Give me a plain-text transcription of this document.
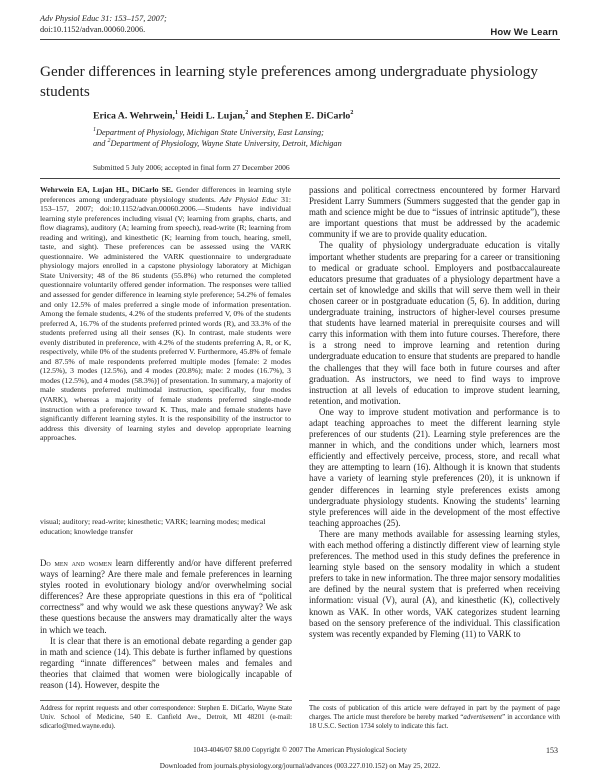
Adv Physiol Educ 31: 153–157, 2007;
doi:10.1152/advan.00060.2006.	How We Learn
Gender differences in learning style preferences among undergraduate physiology students
Erica A. Wehrwein,$^1$ Heidi L. Lujan,$^2$ and Stephen E. DiCarlo$^2$
$^1$Department of Physiology, Michigan State University, East Lansing;
and $^2$Department of Physiology, Wayne State University, Detroit, Michigan
Submitted 5 July 2006; accepted in final form 27 December 2006
Wehrwein EA, Lujan HL, DiCarlo SE. Gender differences in learning style preferences among undergraduate physiology students. Adv Physiol Educ 31: 153–157, 2007; doi:10.1152/advan.00060.2006.—Students have individual learning style preferences including visual (V; learning from graphs, charts, and flow diagrams), auditory (A; learning from speech), read-write (R; learning from reading and writing), and kinesthetic (K; learning from touch, hearing, smell, taste, and sight). These preferences can be assessed using the VARK questionnaire. We administered the VARK questionnaire to undergraduate physiology majors enrolled in a capstone physiology laboratory at Michigan State University; 48 of the 86 students (55.8%) who returned the completed questionnaire voluntarily offered gender information. The responses were tallied and assessed for gender difference in learning style preference; 54.2% of females and only 12.5% of males preferred a single mode of information presentation. Among the female students, 4.2% of the students preferred V, 0% of the students preferred A, 16.7% of the students preferred printed words (R), and 33.3% of the students preferred using all their senses (K). In contrast, male students were evenly distributed in preference, with 4.2% of the students preferring A, R, or K, respectively, while 0% of the students preferred V. Furthermore, 45.8% of female and 87.5% of male respondents preferred multiple modes [female: 2 modes (12.5%), 3 modes (12.5%), and 4 modes (20.8%); male: 2 modes (16.7%), 3 modes (12.5%), and 4 modes (58.3%)] of presentation. In summary, a majority of male students preferred multimodal instruction, specifically, four modes (VARK), whereas a majority of female students preferred single-mode instruction with a preference toward K. Thus, male and female students have significantly different learning styles. It is the responsibility of the instructor to address this diversity of learning styles and develop appropriate learning approaches.
visual; auditory; read-write; kinesthetic; VARK; learning modes; medical education; knowledge transfer

Do men and women learn differently and/or have different preferred ways of learning? Are there male and female preferences in learning styles rooted in evolutionary biology and/or overwhelming social differences? Are these appropriate questions in this era of “political correctness” and why would we ask these questions anyway? We ask these questions because the answers may dramatically alter the ways in which we teach.

It is clear that there is an emotional debate regarding a gender gap in math and science (14). This debate is further inflamed by questions regarding “innate differences” between males and females and theories that claimed that women were biologically incapable of reason (14). However, despite the

passions and political correctness encountered by former Harvard President Larry Summers (Summers suggested that the gender gap in math and science might be due to “issues of intrinsic aptitude”), these are important questions that must be addressed by the academic community if we are to provide quality education.

The quality of physiology undergraduate education is vitally important whether students are preparing for a career or transitioning to medical or graduate school. Employers and postbaccalaureate educators presume that graduates of a physiology department have a certain set of knowledge and skills that will serve them well in their chosen career or in postgraduate education (5, 6). In addition, during undergraduate training, instructors of higher-level courses presume that students have learned material in prerequisite courses and will carry this information with them into future courses. Therefore, there is a strong need to improve learning and retention during undergraduate education to ensure that students are prepared to handle the challenges that they will face both in future courses and after graduation. As instructors, we need to find ways to improve instruction at all levels of education to improve student learning, retention, and motivation.

One way to improve student motivation and performance is to adapt teaching approaches to meet the different learning style preferences of our students (21). Learning style preferences are the manner in which, and the conditions under which, learners most efficiently and effectively perceive, process, store, and recall what they are attempting to learn (16). Although it is known that students have a variety of learning style preferences (20), it is unknown if gender differences in learning style preferences exists among undergraduate physiology students. Knowing the students’ learning style preferences will aide in the development of the most effective teaching approaches (25).

There are many methods available for assessing learning styles, with each method offering a distinctly different view of learning style preferences. The method used in this study defines the preference in learning style based on the sensory modality in which a student prefers to take in new information. The three major sensory modalities are defined by the neural system that is preferred when receiving information: visual (V), aural (A), and kinesthetic (K), collectively known as VAK. In other words, VAK categorizes student learning based on the sensory preference of the individual. This classification system was recently expanded by Fleming (11) to VARK to

Address for reprint requests and other correspondence: Stephen E. DiCarlo, Wayne State Univ. School of Medicine, 540 E. Canfield Ave., Detroit, MI 48201 (e-mail: sdicarlo@med.wayne.edu).
The costs of publication of this article were defrayed in part by the payment of page charges. The article must therefore be hereby marked “advertisement” in accordance with 18 U.S.C. Section 1734 solely to indicate this fact.
1043-4046/07 $8.00 Copyright © 2007 The American Physiological Society	153
Downloaded from journals.physiology.org/journal/advances (003.227.010.152) on May 25, 2022.
